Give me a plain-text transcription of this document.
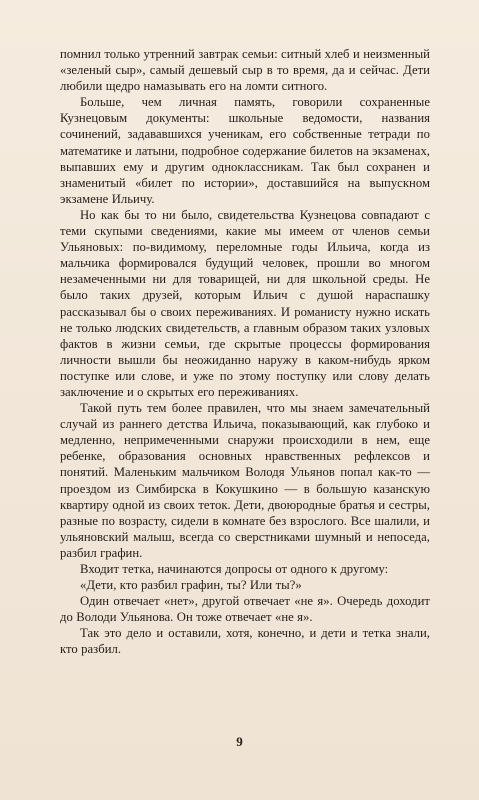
помнил только утренний завтрак семьи: ситный хлеб и неизменный «зеленый сыр», самый дешевый сыр в то время, да и сейчас. Дети любили щедро намазывать его на ломти ситного.

Больше, чем личная память, говорили сохраненные Кузнецовым документы: школьные ведомости, названия сочинений, задававшихся ученикам, его собственные тетради по математике и латыни, подробное содержание билетов на экзаменах, выпавших ему и другим одноклассникам. Так был сохранен и знаменитый «билет по истории», доставшийся на выпускном экзамене Ильичу.

Но как бы то ни было, свидетельства Кузнецова совпадают с теми скупыми сведениями, какие мы имеем от членов семьи Ульяновых: по-видимому, переломные годы Ильича, когда из мальчика формировался будущий человек, прошли во многом незамеченными ни для товарищей, ни для школьной среды. Не было таких друзей, которым Ильич с душой нараспашку рассказывал бы о своих переживаниях. И романисту нужно искать не только людских свидетельств, а главным образом таких узловых фактов в жизни семьи, где скрытые процессы формирования личности вышли бы неожиданно наружу в каком-нибудь ярком поступке или слове, и уже по этому поступку или слову делать заключение и о скрытых его переживаниях.

Такой путь тем более правилен, что мы знаем замечательный случай из раннего детства Ильича, показывающий, как глубоко и медленно, непримеченными снаружи происходили в нем, еще ребенке, образования основных нравственных рефлексов и понятий. Маленьким мальчиком Володя Ульянов попал как-то — проездом из Симбирска в Кокушкино — в большую казанскую квартиру одной из своих теток. Дети, двоюродные братья и сестры, разные по возрасту, сидели в комнате без взрослого. Все шалили, и ульяновский малыш, всегда со сверстниками шумный и непоседа, разбил графин.

Входит тетка, начинаются допросы от одного к другому:

«Дети, кто разбил графин, ты? Или ты?»

Один отвечает «нет», другой отвечает «не я». Очередь доходит до Володи Ульянова. Он тоже отвечает «не я».

Так это дело и оставили, хотя, конечно, и дети и тетка знали, кто разбил.

9
